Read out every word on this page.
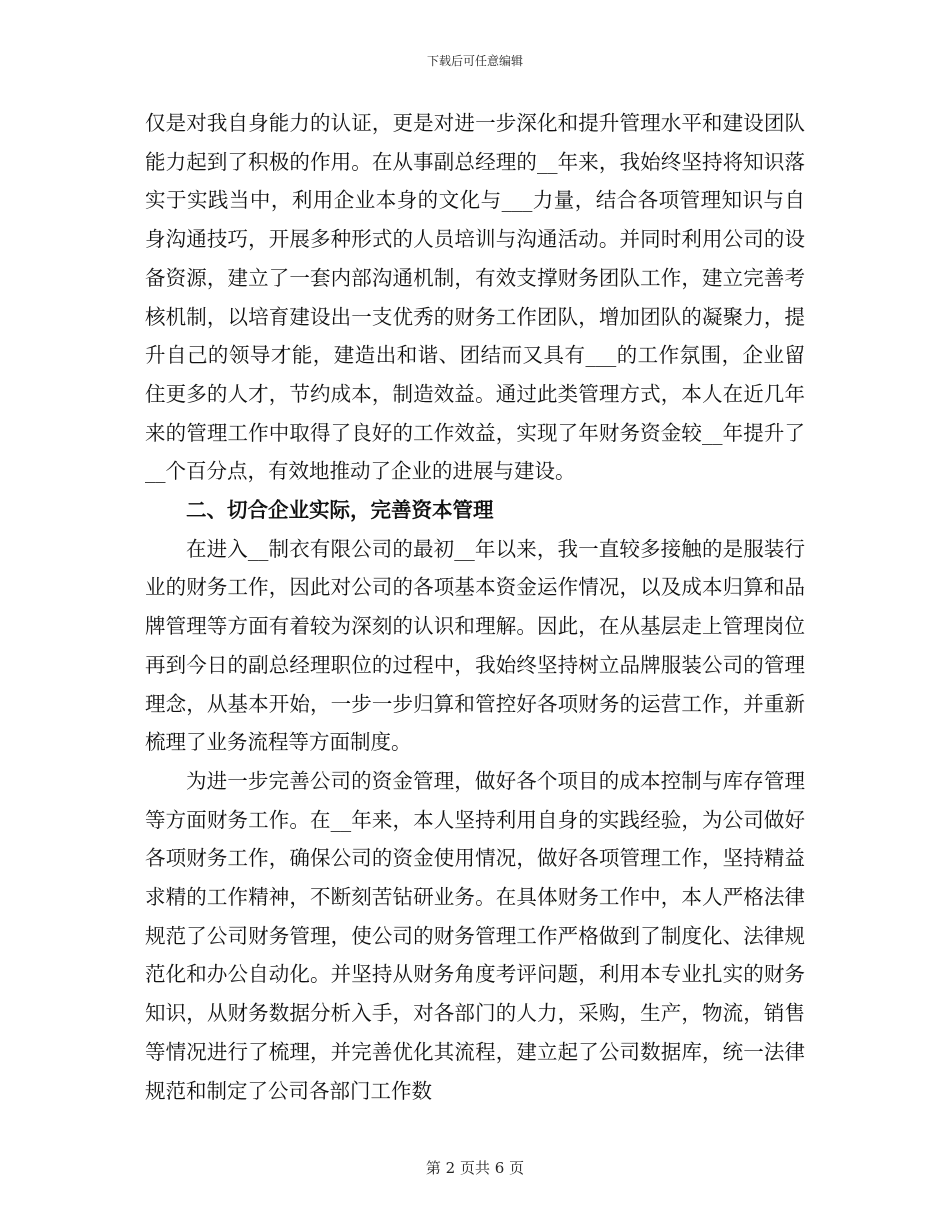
下载后可任意编辑

仅是对我自身能力的认证，更是对进一步深化和提升管理水平和建设团队能力起到了积极的作用。在从事副总经理的__年来，我始终坚持将知识落实于实践当中，利用企业本身的文化与___力量，结合各项管理知识与自身沟通技巧，开展多种形式的人员培训与沟通活动。并同时利用公司的设备资源，建立了一套内部沟通机制，有效支撑财务团队工作，建立完善考核机制，以培育建设出一支优秀的财务工作团队，增加团队的凝聚力，提升自己的领导才能，建造出和谐、团结而又具有___的工作氛围，企业留住更多的人才，节约成本，制造效益。通过此类管理方式，本人在近几年来的管理工作中取得了良好的工作效益，实现了年财务资金较__年提升了__个百分点，有效地推动了企业的进展与建设。

二、切合企业实际，完善资本管理

在进入__制衣有限公司的最初__年以来，我一直较多接触的是服装行业的财务工作，因此对公司的各项基本资金运作情况，以及成本归算和品牌管理等方面有着较为深刻的认识和理解。因此，在从基层走上管理岗位再到今日的副总经理职位的过程中，我始终坚持树立品牌服装公司的管理理念，从基本开始，一步一步归算和管控好各项财务的运营工作，并重新梳理了业务流程等方面制度。

为进一步完善公司的资金管理，做好各个项目的成本控制与库存管理等方面财务工作。在__年来，本人坚持利用自身的实践经验，为公司做好各项财务工作，确保公司的资金使用情况，做好各项管理工作，坚持精益求精的工作精神，不断刻苦钻研业务。在具体财务工作中，本人严格法律规范了公司财务管理，使公司的财务管理工作严格做到了制度化、法律规范化和办公自动化。并坚持从财务角度考评问题，利用本专业扎实的财务知识，从财务数据分析入手，对各部门的人力，采购，生产，物流，销售等情况进行了梳理，并完善优化其流程，建立起了公司数据库，统一法律规范和制定了公司各部门工作数

第 2 页共 6 页
